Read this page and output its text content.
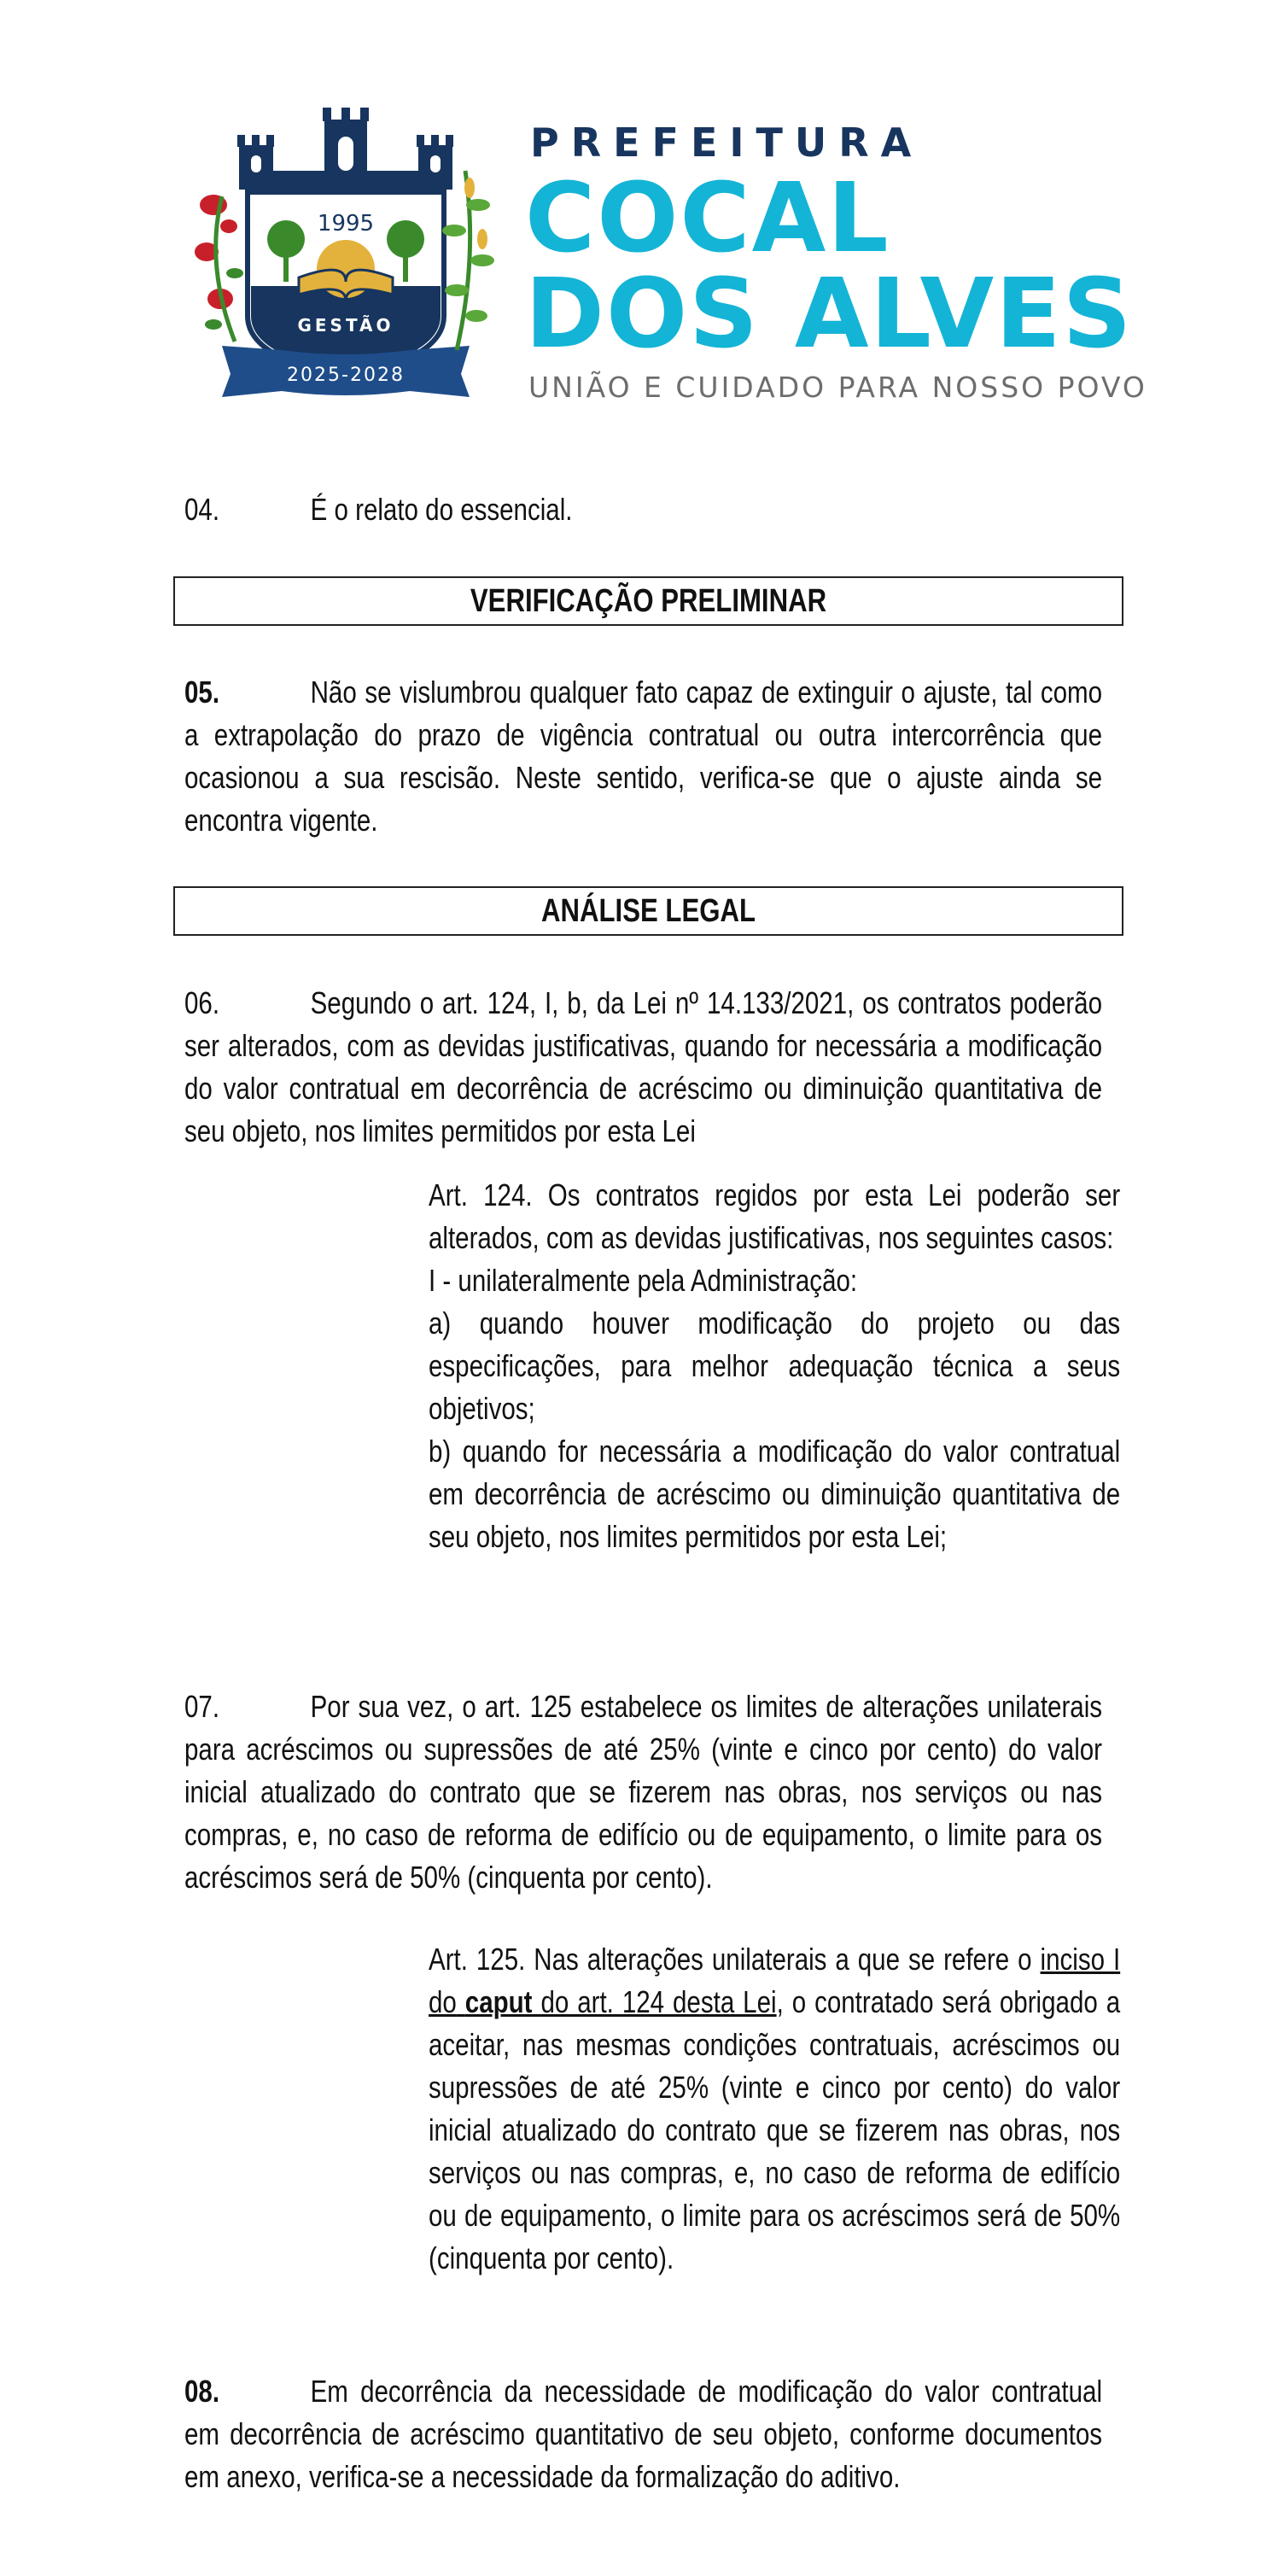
1995
GESTÃO
2025-2028
PREFEITURA
COCAL
DOS ALVES
UNIÃO E CUIDADO PARA NOSSO POVO
04.	É o relato do essencial.
VERIFICAÇÃO PRELIMINAR
05.	Não se vislumbrou qualquer fato capaz de extinguir o ajuste, tal como a extrapolação do prazo de vigência contratual ou outra intercorrência que ocasionou a sua rescisão. Neste sentido, verifica-se que o ajuste ainda se encontra vigente.
ANÁLISE LEGAL
06.	Segundo o art. 124, I, b, da Lei nº 14.133/2021, os contratos poderão ser alterados, com as devidas justificativas, quando for necessária a modificação do valor contratual em decorrência de acréscimo ou diminuição quantitativa de seu objeto, nos limites permitidos por esta Lei
Art. 124. Os contratos regidos por esta Lei poderão ser alterados, com as devidas justificativas, nos seguintes casos:
I - unilateralmente pela Administração:
a) quando houver modificação do projeto ou das especificações, para melhor adequação técnica a seus objetivos;
b) quando for necessária a modificação do valor contratual em decorrência de acréscimo ou diminuição quantitativa de seu objeto, nos limites permitidos por esta Lei;
07.	Por sua vez, o art. 125 estabelece os limites de alterações unilaterais para acréscimos ou supressões de até 25% (vinte e cinco por cento) do valor inicial atualizado do contrato que se fizerem nas obras, nos serviços ou nas compras, e, no caso de reforma de edifício ou de equipamento, o limite para os acréscimos será de 50% (cinquenta por cento).
Art. 125. Nas alterações unilaterais a que se refere o inciso I do caput do art. 124 desta Lei, o contratado será obrigado a aceitar, nas mesmas condições contratuais, acréscimos ou supressões de até 25% (vinte e cinco por cento) do valor inicial atualizado do contrato que se fizerem nas obras, nos serviços ou nas compras, e, no caso de reforma de edifício ou de equipamento, o limite para os acréscimos será de 50% (cinquenta por cento).
08.	Em decorrência da necessidade de modificação do valor contratual em decorrência de acréscimo quantitativo de seu objeto, conforme documentos em anexo, verifica-se a necessidade da formalização do aditivo.
